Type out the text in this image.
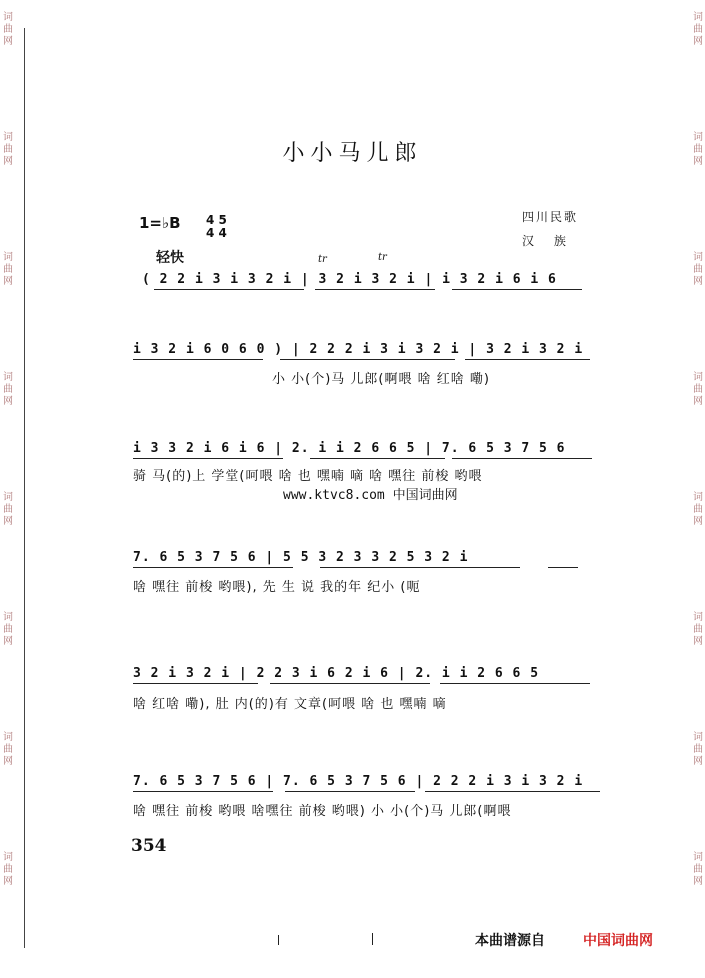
词曲网
词曲网
词曲网
词曲网
词曲网
词曲网
词曲网
词曲网
词曲网
词曲网
词曲网
词曲网
词曲网
词曲网
词曲网
词曲网
小小马儿郎
1=♭B 4 5
4 4
轻快
四川民歌
汉 族
tr	tr
( 2 2 i 3 i 3 2 i | 3 2 i 3 2 i | i 3 2 i 6 i 6
i 3 2 i 6 0 6 0 ) | 2 2 2 i 3 i 3 2 i | 3 2 i 3 2 i
小 小(个)马 儿郎(啊喂 啥 红啥 嘞)
i 3 3 2 i 6 i 6 | 2. i i 2 6 6 5 | 7. 6 5 3 7 5 6
骑 马(的)上 学堂(呵喂 啥 也 嘿喃 嘀 啥 嘿往 前梭 哟喂
www.ktvc8.com 中国词曲网
7. 6 5 3 7 5 6 | 5 5 3 2 3 3 2 5 3 2 i
啥 嘿往 前梭 哟喂), 先 生 说 我的年 纪小 (呃
3 2 i 3 2 i | 2 2 3 i 6 2 i 6 | 2. i i 2 6 6 5
啥 红啥 嘞), 肚 内(的)有 文章(呵喂 啥 也 嘿喃 嘀
7. 6 5 3 7 5 6 | 7. 6 5 3 7 5 6 | 2 2 2 i 3 i 3 2 i
啥 嘿往 前梭 哟喂 啥嘿往 前梭 哟喂) 小 小(个)马 儿郎(啊喂
354
本曲谱源自	中国词曲网
